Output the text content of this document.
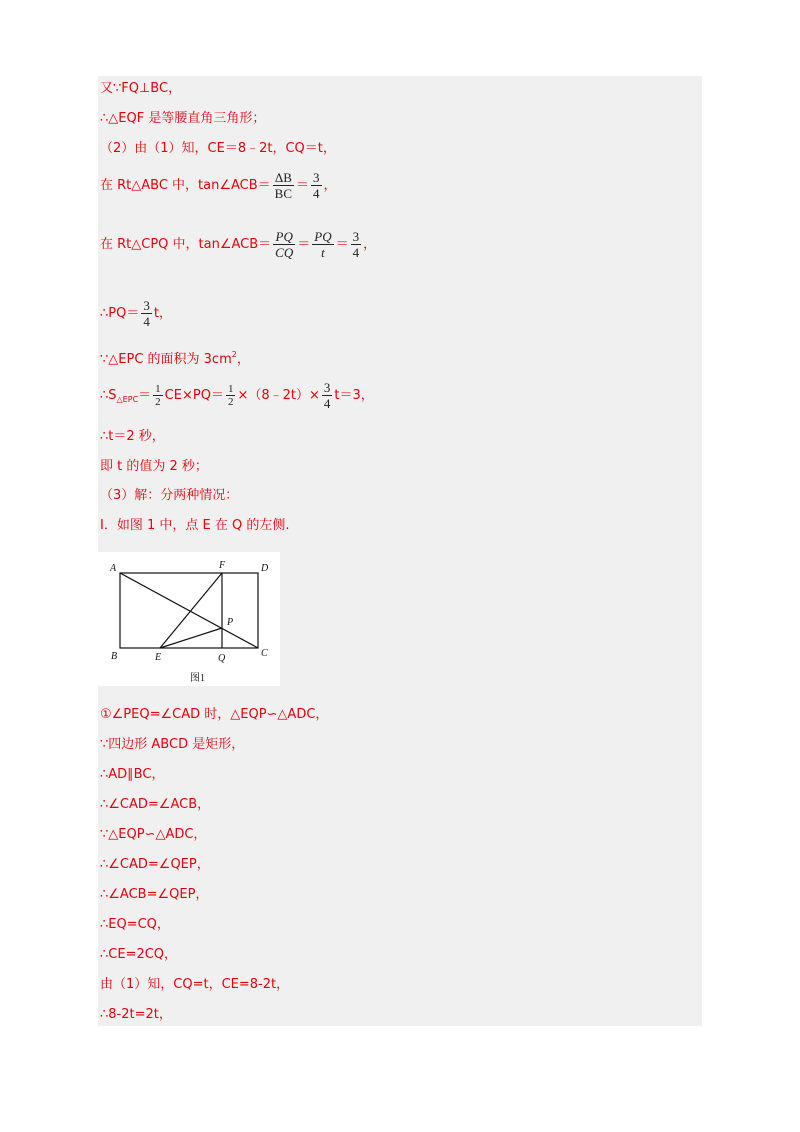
又∵FQ⊥BC，
∴△EQF 是等腰直角三角形；
（2）由（1）知，CE＝8﹣2t，CQ＝t，
在 Rt△ABC 中，tan∠ACB＝ $\frac{\Delta B}{BC} = \frac{3}{4}$ ，
在 Rt△CPQ 中，tan∠ACB＝ $\frac{PQ}{CQ} = \frac{PQ}{t} = \frac{3}{4}$ ，
∴PQ＝ $\frac{3}{4}$ t，
∵△EPC 的面积为 $3cm^2$，
$\therefore S_{\triangle EPC}= \frac{1}{2} CE\times PQ= \frac{1}{2}$ ×（8﹣2t）× $\frac{3}{4} t=3$，
∴t＝2 秒，
即 t 的值为 2 秒；
（3）解：分两种情况：
Ⅰ．如图 1 中，点 E 在 Q 的左侧.
A	F	D
P
B	E	Q	C
图1
①∠PEQ=∠CAD 时，△EQP∽△ADC，
∵四边形 ABCD 是矩形，
∴AD∥BC，
∴∠CAD=∠ACB，
∵△EQP∽△ADC，
∴∠CAD=∠QEP，
∴∠ACB=∠QEP，
∴EQ=CQ，
∴CE=2CQ，
由（1）知，CQ=t，CE=8-2t，
∴8-2t=2t，
